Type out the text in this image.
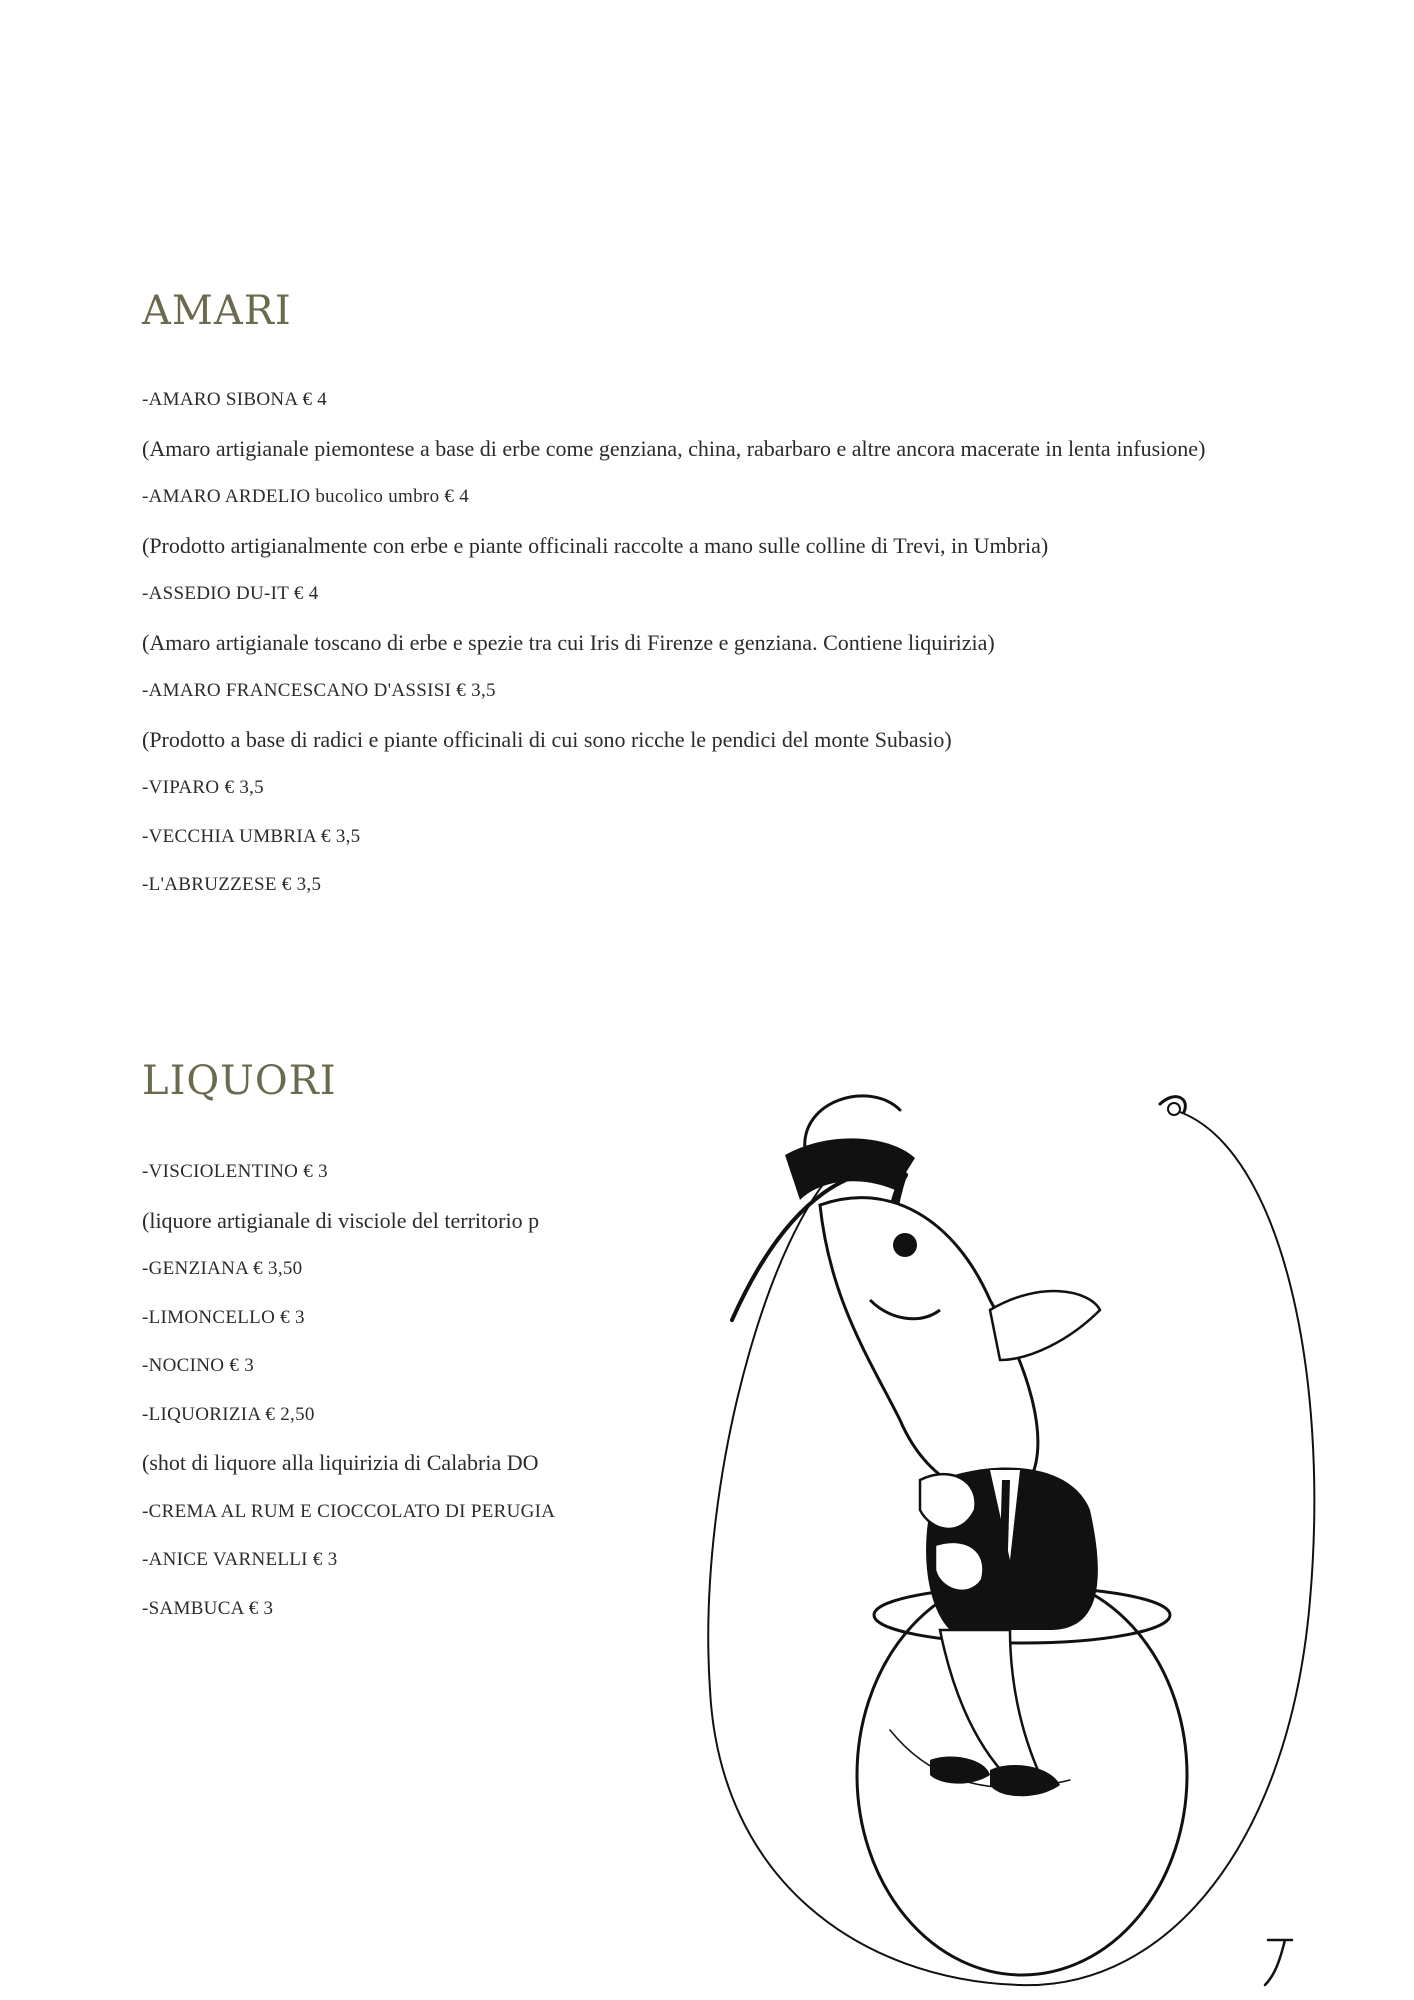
AMARI
-AMARO SIBONA € 4
(Amaro artigianale piemontese a base di erbe come genziana, china, rabarbaro e altre ancora macerate in lenta infusione)
-AMARO ARDELIO bucolico umbro € 4
(Prodotto artigianalmente con erbe e piante officinali raccolte a mano sulle colline di Trevi, in Umbria)
-ASSEDIO DU-IT € 4
(Amaro artigianale toscano di erbe e spezie tra cui Iris di Firenze e genziana. Contiene liquirizia)
-AMARO FRANCESCANO D'ASSISI € 3,5
(Prodotto a base di radici e piante officinali di cui sono ricche le pendici del monte Subasio)
-VIPARO € 3,5
-VECCHIA UMBRIA € 3,5
-L'ABRUZZESE € 3,5
LIQUORI
-VISCIOLENTINO € 3
(liquore artigianale di visciole del territorio p
-GENZIANA € 3,50
-LIMONCELLO € 3
-NOCINO € 3
-LIQUORIZIA € 2,50
(shot di liquore alla liquirizia di Calabria DO
-CREMA AL RUM E CIOCCOLATO DI PERUGIA
-ANICE VARNELLI € 3
-SAMBUCA € 3
